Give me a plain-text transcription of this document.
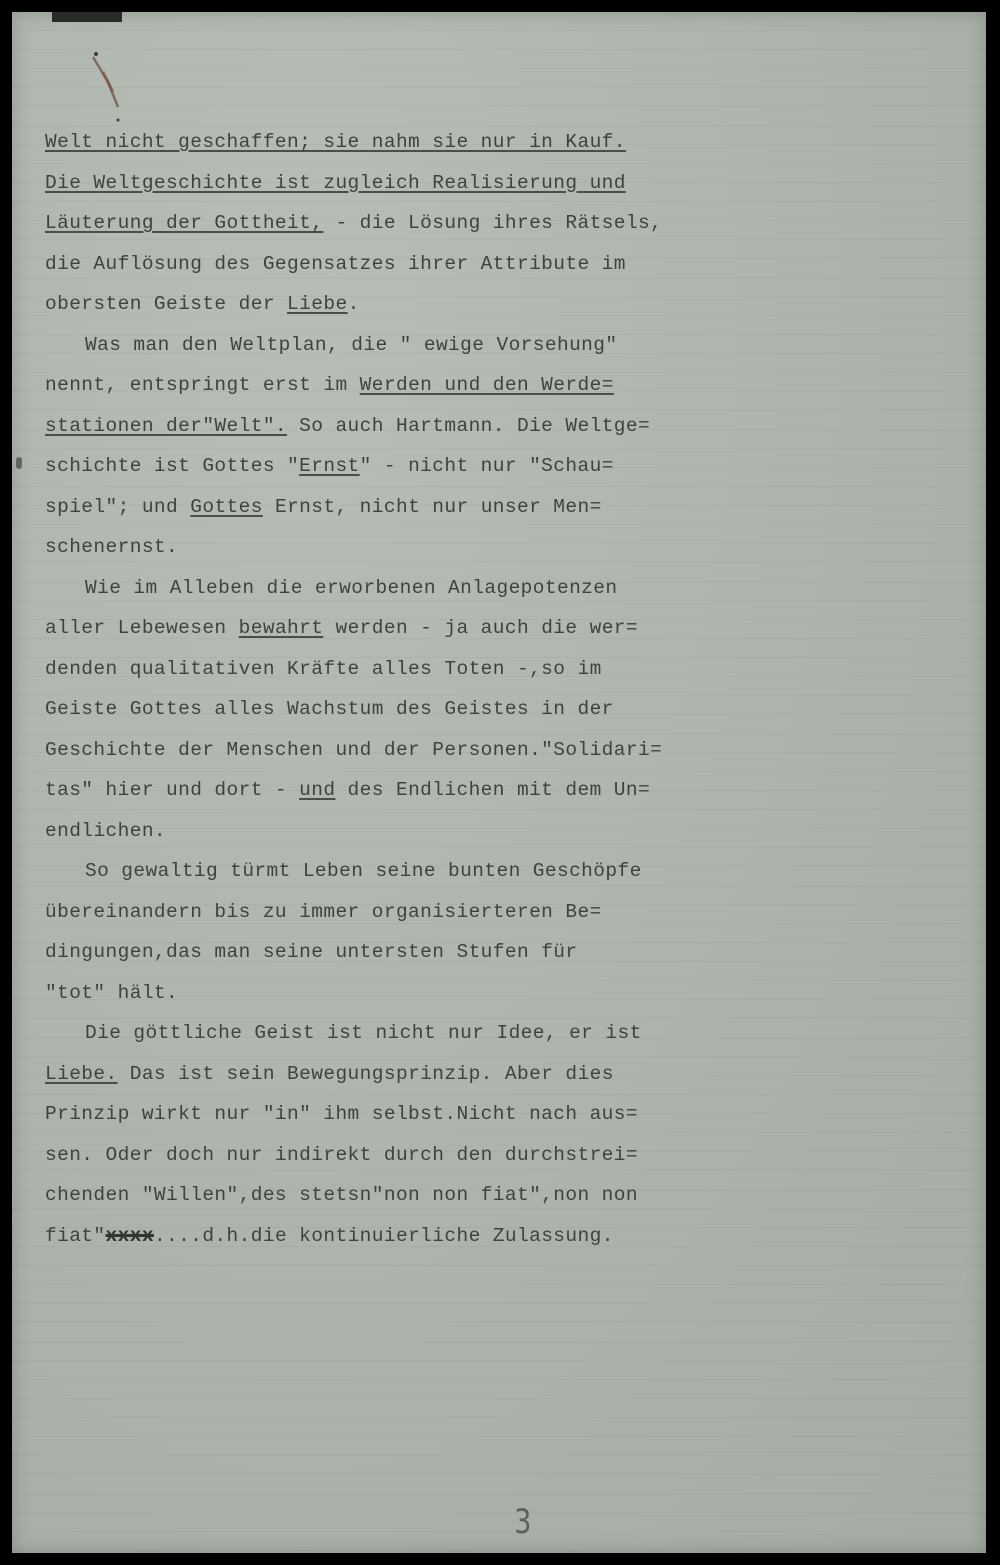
Welt nicht geschaffen; sie nahm sie nur in Kauf.
Die Weltgeschichte ist zugleich Realisierung und
Läuterung der Gottheit, - die Lösung ihres Rätsels,
die Auflösung des Gegensatzes ihrer Attribute im
obersten Geiste der Liebe.
Was man den Weltplan, die " ewige Vorsehung"
nennt, entspringt erst im Werden und den Werde=
stationen der"Welt". So auch Hartmann. Die Weltge=
schichte ist Gottes "Ernst" - nicht nur "Schau=
spiel"; und Gottes Ernst, nicht nur unser Men=
schenernst.
Wie im Alleben die erworbenen Anlagepotenzen
aller Lebewesen bewahrt werden - ja auch die wer=
denden qualitativen Kräfte alles Toten -,so im
Geiste Gottes alles Wachstum des Geistes in der
Geschichte der Menschen und der Personen."Solidari=
tas" hier und dort - und des Endlichen mit dem Un=
endlichen.
So gewaltig türmt Leben seine bunten Geschöpfe
übereinandern bis zu immer organisierteren Be=
dingungen,das man seine untersten Stufen für
"tot" hält.
Die göttliche Geist ist nicht nur Idee, er ist
Liebe. Das ist sein Bewegungsprinzip. Aber dies
Prinzip wirkt nur "in" ihm selbst.Nicht nach aus=
sen. Oder doch nur indirekt durch den durchstrei=
chenden "Willen",des stetsn"non non fiat",non non
fiat"xxxx....d.h.die kontinuierliche Zulassung.
3
